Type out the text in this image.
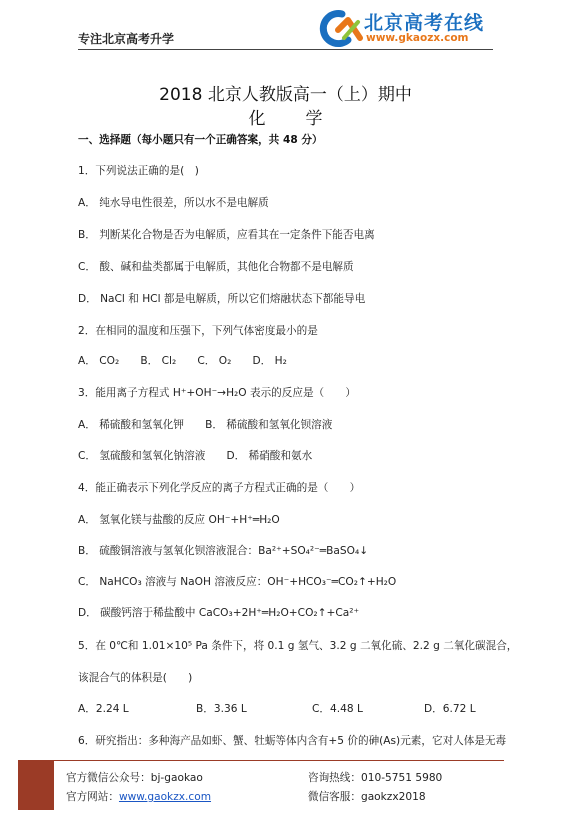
专注北京高考升学
北京高考在线
www.gkaozx.com
2018 北京人教版高一（上）期中
化 学
一、选择题（每小题只有一个正确答案，共 48 分）
1．下列说法正确的是(　)
A． 纯水导电性很差，所以水不是电解质
B． 判断某化合物是否为电解质，应看其在一定条件下能否电离
C． 酸、碱和盐类都属于电解质，其他化合物都不是电解质
D． NaCl 和 HCl 都是电解质，所以它们熔融状态下都能导电
2．在相同的温度和压强下，下列气体密度最小的是
A． CO₂　　B． Cl₂　　C． O₂　　D． H₂
3．能用离子方程式 H⁺+OH⁻→H₂O 表示的反应是（　　）
A． 稀硫酸和氢氧化钾　　B． 稀硫酸和氢氧化钡溶液
C． 氢硫酸和氢氧化钠溶液　　D． 稀硝酸和氨水
4．能正确表示下列化学反应的离子方程式正确的是（　　）
A． 氢氧化镁与盐酸的反应 OH⁻+H⁺═H₂O
B． 硫酸铜溶液与氢氧化钡溶液混合：Ba²⁺+SO₄²⁻═BaSO₄↓
C． NaHCO₃ 溶液与 NaOH 溶液反应：OH⁻+HCO₃⁻═CO₂↑+H₂O
D． 碳酸钙溶于稀盐酸中 CaCO₃+2H⁺═H₂O+CO₂↑+Ca²⁺
5．在 0℃和 1.01×10⁵ Pa 条件下，将 0.1 g 氢气、3.2 g 二氧化硫、2.2 g 二氧化碳混合，
该混合气的体积是(　　)
A．2.24 L	B．3.36 L	C．4.48 L	D．6.72 L
6．研究指出：多种海产品如虾、蟹、牡蛎等体内含有+5 价的砷(As)元素，它对人体是无毒
官方微信公众号：bj-gaokao
官方网站：www.gaokzx.com
咨询热线：010-5751 5980
微信客服：gaokzx2018
